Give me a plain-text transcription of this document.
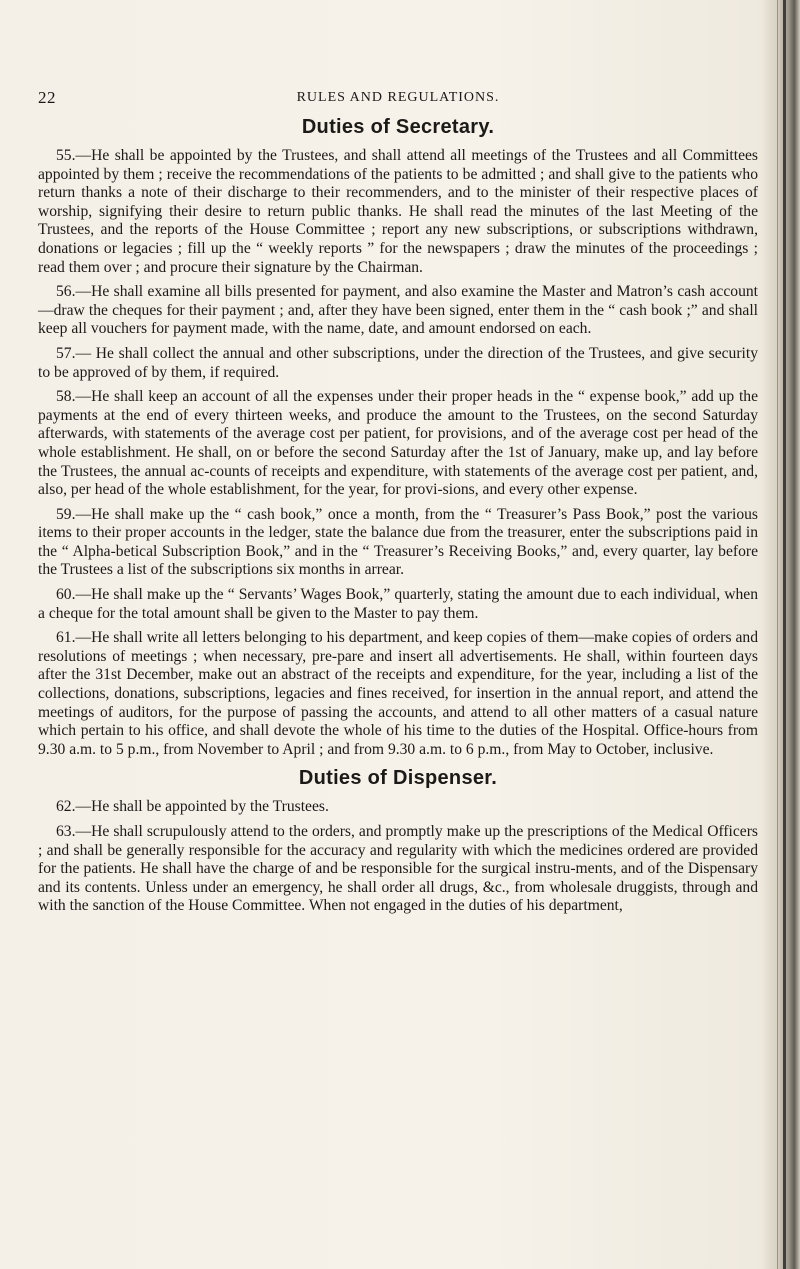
22	RULES AND REGULATIONS.
Duties of Secretary.

55.—He shall be appointed by the Trustees, and shall attend all meetings of the Trustees and all Committees appointed by them ; receive the recommendations of the patients to be admitted ; and shall give to the patients who return thanks a note of their discharge to their recommenders, and to the minister of their respective places of worship, signifying their desire to return public thanks. He shall read the minutes of the last Meeting of the Trustees, and the reports of the House Committee ; report any new subscriptions, or subscriptions withdrawn, donations or legacies ; fill up the “ weekly reports ” for the newspapers ; draw the minutes of the proceedings ; read them over ; and procure their signature by the Chairman.

56.—He shall examine all bills presented for payment, and also examine the Master and Matron’s cash account—draw the cheques for their payment ; and, after they have been signed, enter them in the “ cash book ;” and shall keep all vouchers for payment made, with the name, date, and amount endorsed on each.

57.— He shall collect the annual and other subscriptions, under the direction of the Trustees, and give security to be approved of by them, if required.

58.—He shall keep an account of all the expenses under their proper heads in the “ expense book,” add up the payments at the end of every thirteen weeks, and produce the amount to the Trustees, on the second Saturday afterwards, with statements of the average cost per patient, for provisions, and of the average cost per head of the whole establishment. He shall, on or before the second Saturday after the 1st of January, make up, and lay before the Trustees, the annual ac-counts of receipts and expenditure, with statements of the average cost per patient, and, also, per head of the whole establishment, for the year, for provi-sions, and every other expense.

59.—He shall make up the “ cash book,” once a month, from the “ Treasurer’s Pass Book,” post the various items to their proper accounts in the ledger, state the balance due from the treasurer, enter the subscriptions paid in the “ Alpha-betical Subscription Book,” and in the “ Treasurer’s Receiving Books,” and, every quarter, lay before the Trustees a list of the subscriptions six months in arrear.

60.—He shall make up the “ Servants’ Wages Book,” quarterly, stating the amount due to each individual, when a cheque for the total amount shall be given to the Master to pay them.

61.—He shall write all letters belonging to his department, and keep copies of them—make copies of orders and resolutions of meetings ; when necessary, pre-pare and insert all advertisements. He shall, within fourteen days after the 31st December, make out an abstract of the receipts and expenditure, for the year, including a list of the collections, donations, subscriptions, legacies and fines received, for insertion in the annual report, and attend the meetings of auditors, for the purpose of passing the accounts, and attend to all other matters of a casual nature which pertain to his office, and shall devote the whole of his time to the duties of the Hospital. Office-hours from 9.30 a.m. to 5 p.m., from November to April ; and from 9.30 a.m. to 6 p.m., from May to October, inclusive.

Duties of Dispenser.

62.—He shall be appointed by the Trustees.

63.—He shall scrupulously attend to the orders, and promptly make up the prescriptions of the Medical Officers ; and shall be generally responsible for the accuracy and regularity with which the medicines ordered are provided for the patients. He shall have the charge of and be responsible for the surgical instru-ments, and of the Dispensary and its contents. Unless under an emergency, he shall order all drugs, &c., from wholesale druggists, through and with the sanction of the House Committee. When not engaged in the duties of his department,
